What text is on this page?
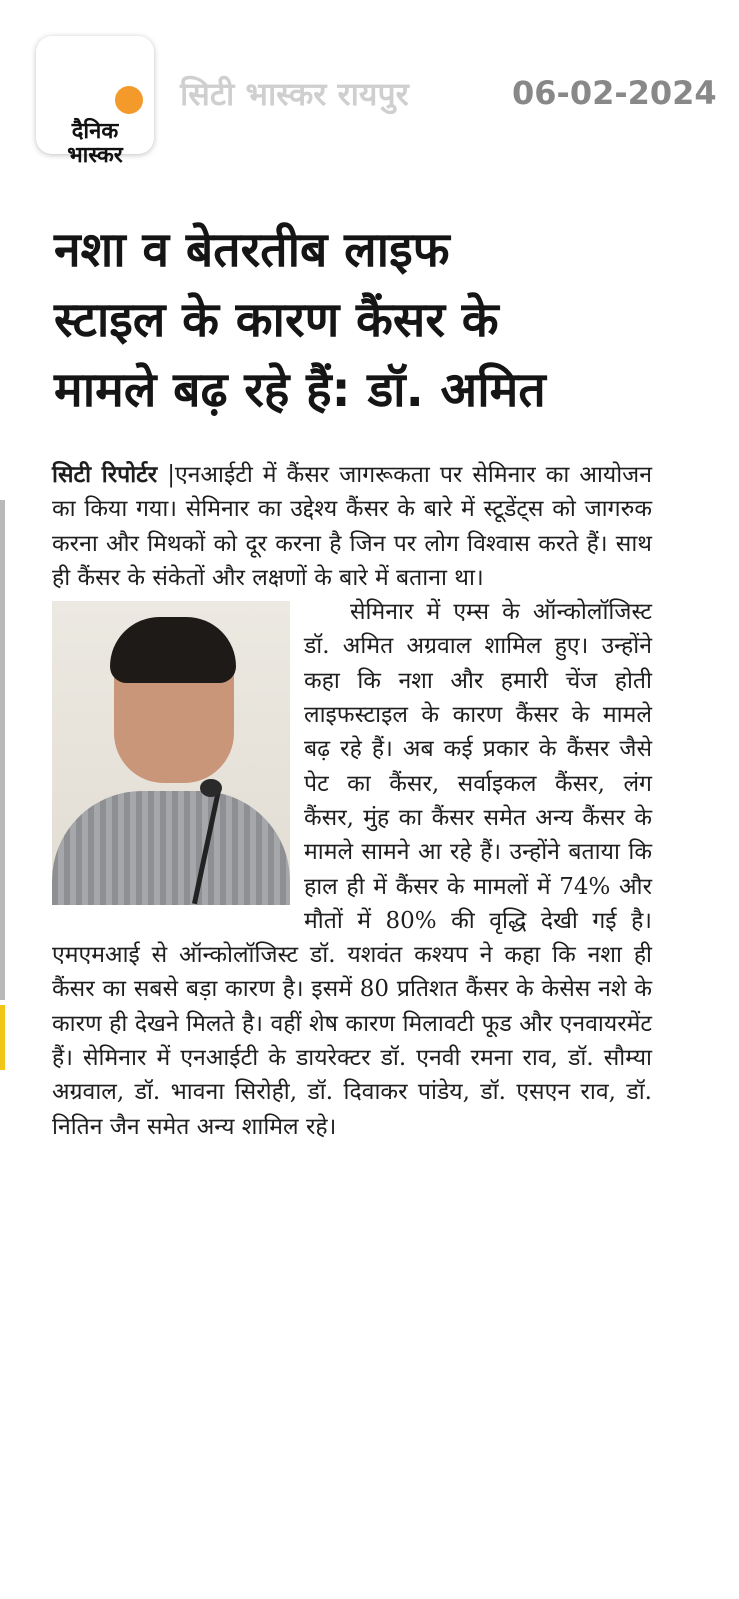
दैनिक
भास्कर
सिटी भास्कर रायपुर	06-02-2024
नशा व बेतरतीब लाइफ
स्टाइल के कारण कैंसर के
मामले बढ़ रहे हैं: डॉ. अमित

सिटी रिपोर्टर |एनआईटी में कैंसर जागरूकता पर सेमिनार का आयोजन का किया गया। सेमिनार का उद्देश्य कैंसर के बारे में स्टूडेंट्स को जागरुक करना और मिथकों को दूर करना है जिन पर लोग विश्वास करते हैं। साथ ही कैंसर के संकेतों और लक्षणों के बारे में बताना था।

सेमिनार में एम्स के ऑन्कोलॉजिस्ट डॉ. अमित अग्रवाल शामिल हुए। उन्होंने कहा कि नशा और हमारी चेंज होती लाइफस्टाइल के कारण कैंसर के मामले बढ़ रहे हैं। अब कई प्रकार के कैंसर जैसे पेट का कैंसर, सर्वाइकल कैंसर, लंग कैंसर, मुंह का कैंसर समेत अन्य कैंसर के मामले सामने आ रहे हैं। उन्होंने बताया कि हाल ही में कैंसर के मामलों में 74% और मौतों में 80% की वृद्धि देखी गई है। एमएमआई से ऑन्कोलॉजिस्ट डॉ. यशवंत कश्यप ने कहा कि नशा ही कैंसर का सबसे बड़ा कारण है। इसमें 80 प्रतिशत कैंसर के केसेस नशे के कारण ही देखने मिलते है। वहीं शेष कारण मिलावटी फूड और एनवायरमेंट हैं। सेमिनार में एनआईटी के डायरेक्टर डॉ. एनवी रमना राव, डॉ. सौम्या अग्रवाल, डॉ. भावना सिरोही, डॉ. दिवाकर पांडेय, डॉ. एसएन राव, डॉ. नितिन जैन समेत अन्य शामिल रहे।
